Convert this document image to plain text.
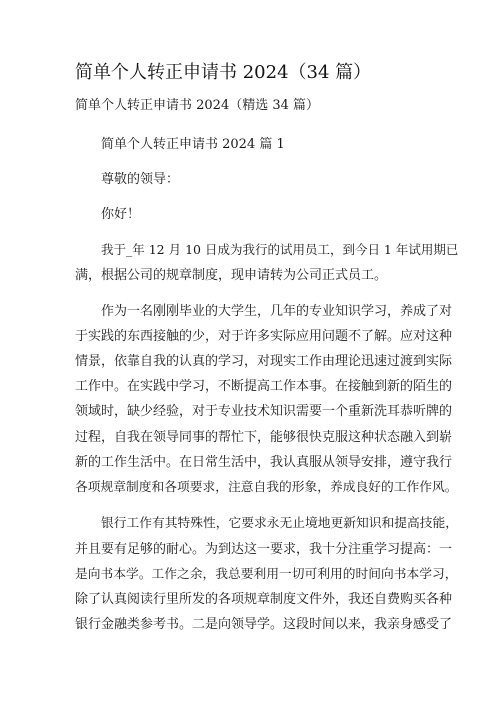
简单个人转正申请书 2024（34 篇）
简单个人转正申请书 2024（精选 34 篇）
简单个人转正申请书 2024 篇 1
尊敬的领导：
你好！
我于_年 12 月 10 日成为我行的试用员工，到今日 1 年试用期已
满，根据公司的规章制度，现申请转为公司正式员工。
作为一名刚刚毕业的大学生，几年的专业知识学习，养成了对
于实践的东西接触的少，对于许多实际应用问题不了解。应对这种
情景，依靠自我的认真的学习，对现实工作由理论迅速过渡到实际
工作中。在实践中学习，不断提高工作本事。在接触到新的陌生的
领域时，缺少经验，对于专业技术知识需要一个重新洗耳恭听牌的
过程，自我在领导同事的帮忙下，能够很快克服这种状态融入到崭
新的工作生活中。在日常生活中，我认真服从领导安排，遵守我行
各项规章制度和各项要求，注意自我的形象，养成良好的工作作风。
银行工作有其特殊性，它要求永无止境地更新知识和提高技能，
并且要有足够的耐心。为到达这一要求，我十分注重学习提高：一
是向书本学。工作之余，我总要利用一切可利用的时间向书本学习，
除了认真阅读行里所发的各项规章制度文件外，我还自费购买各种
银行金融类参考书。二是向领导学。这段时间以来，我亲身感受了
